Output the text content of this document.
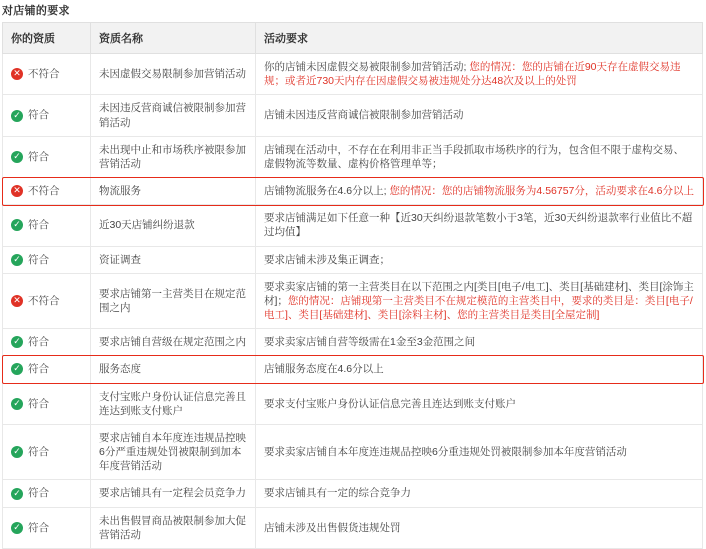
对店铺的要求
你的资质	资质名称	活动要求

✕ 不符合	未因虚假交易限制参加营销活动	你的店铺未因虚假交易被限制参加营销活动; 您的情况：您的店铺在近90天存在虚假交易违规；或者近730天内存在因虚假交易被违规处分达48次及以上的处罚

✓ 符合	未因违反营商诚信被限制参加营销活动	店铺未因违反营商诚信被限制参加营销活动

✓ 符合	未出现中止和市场秩序被限参加营销活动	店铺现在活动中，不存在在利用非正当手段抓取市场秩序的行为，包含但不限于虚构交易、虚假物流等数量、虚构价格管理单等；

✕ 不符合	物流服务	店铺物流服务在4.6分以上; 您的情况：您的店铺物流服务为4.56757分，活动要求在4.6分以上

✓ 符合	近30天店铺纠纷退款	要求店铺满足如下任意一种【近30天纠纷退款笔数小于3笔，近30天纠纷退款率行业值比不超过均值】

✓ 符合	资证调查	要求店铺未涉及集正调查；

✕ 不符合	要求店铺第一主营类目在规定范围之内	要求卖家店铺的第一主营类目在以下范围之内[类目[电子/电工]、类目[基础建材]、类目[涂饰主材]；您的情况：店铺现第一主营类目不在规定模范的主营类目中，要求的类目是：类目[电子/电工]、类目[基础建材]、类目[涂料主材]、您的主营类目是类目[全屋定制]

✓ 符合	要求店铺自营级在规定范围之内	要求卖家店铺自营等级需在1金至3金范围之间

✓ 符合	服务态度	店铺服务态度在4.6分以上

✓ 符合	支付宝账户身份认证信息完善且连达到账支付账户	要求支付宝账户身份认证信息完善且连达到账支付账户

✓ 符合	要求店铺自本年度连违规品控映6分严重违规处罚被限制到加本年度营销活动	要求卖家店铺自本年度连违规品控映6分重违规处罚被限制参加本年度营销活动

✓ 符合	要求店铺具有一定程会员竞争力	要求店铺具有一定的综合竞争力

✓ 符合	未出售假冒商品被限制参加大促营销活动	店铺未涉及出售假货违规处罚
